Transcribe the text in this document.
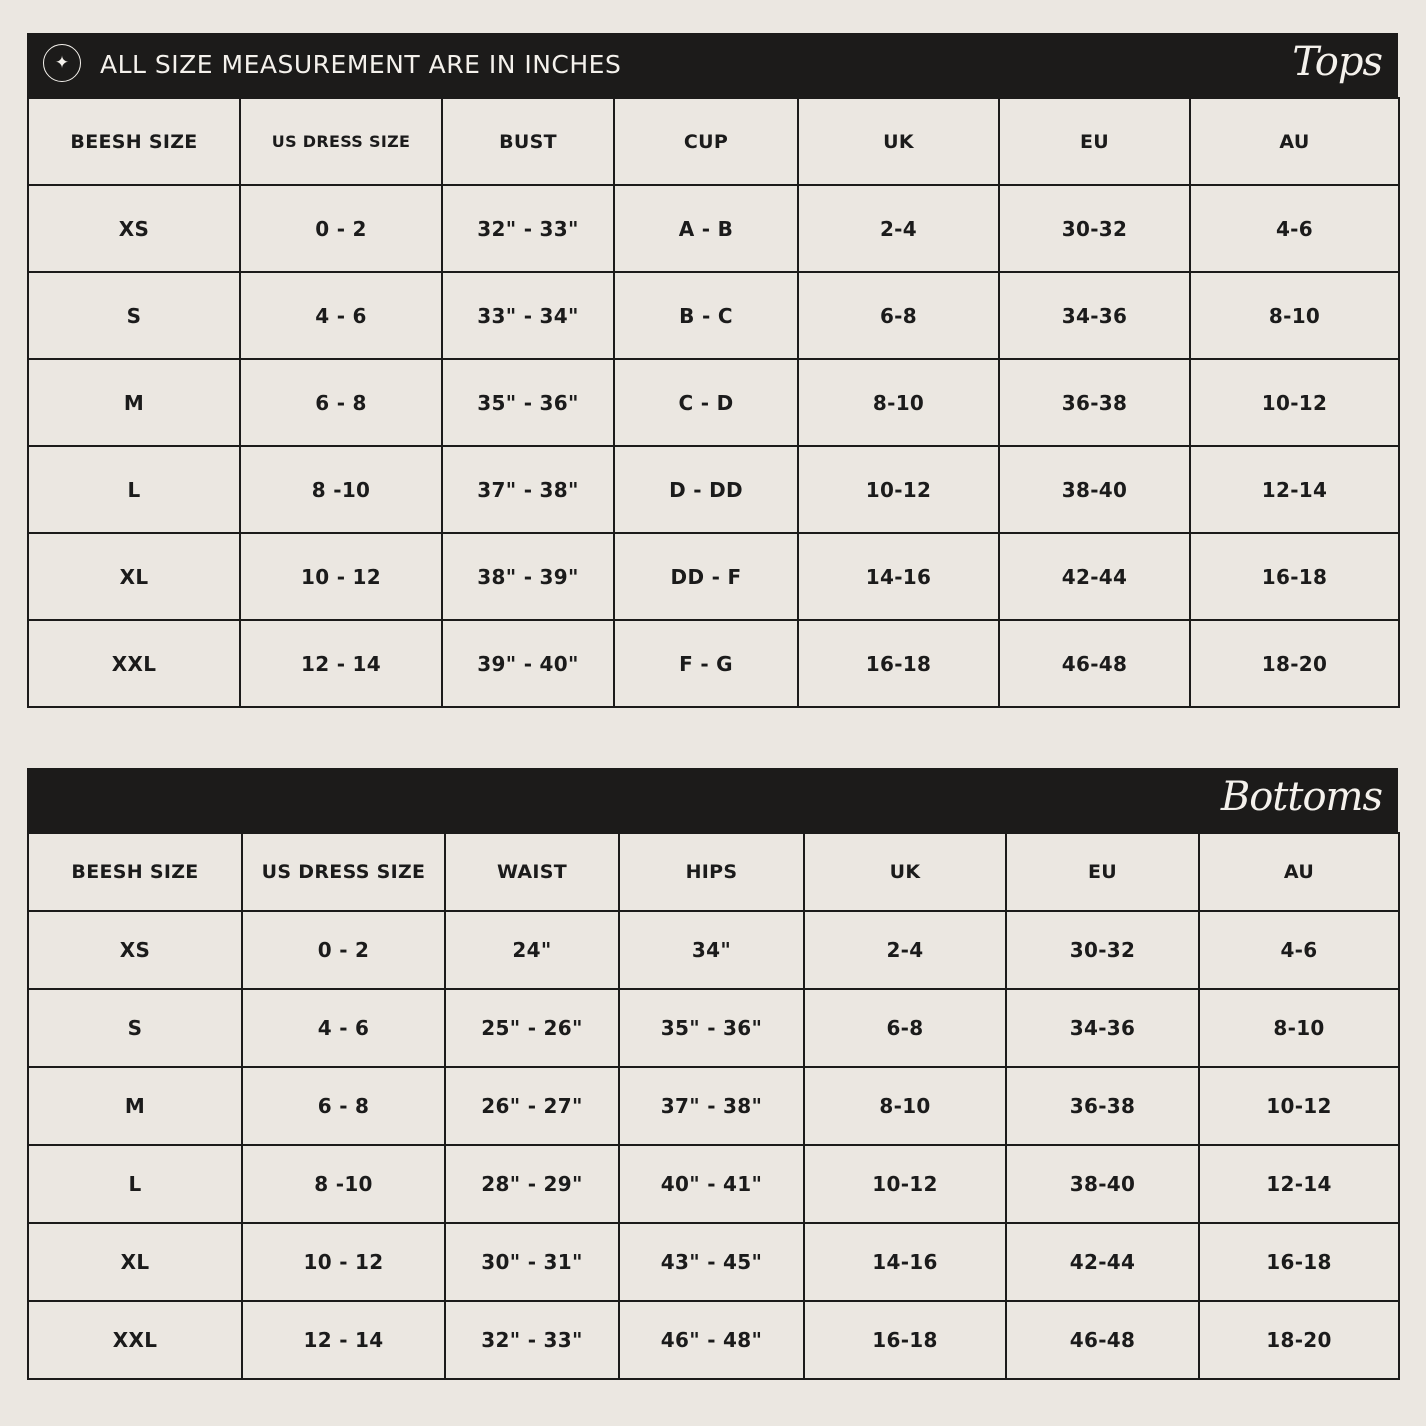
✦	ALL SIZE MEASUREMENT ARE IN INCHES	Tops
BEESH SIZE	US DRESS SIZE	BUST	CUP	UK	EU	AU
XS	0 - 2	32" - 33"	A - B	2-4	30-32	4-6
S	4 - 6	33" - 34"	B - C	6-8	34-36	8-10
M	6 - 8	35" - 36"	C - D	8-10	36-38	10-12
L	8 -10	37" - 38"	D - DD	10-12	38-40	12-14
XL	10 - 12	38" - 39"	DD - F	14-16	42-44	16-18
XXL	12 - 14	39" - 40"	F - G	16-18	46-48	18-20
Bottoms
BEESH SIZE	US DRESS SIZE	WAIST	HIPS	UK	EU	AU
XS	0 - 2	24"	34"	2-4	30-32	4-6
S	4 - 6	25" - 26"	35" - 36"	6-8	34-36	8-10
M	6 - 8	26" - 27"	37" - 38"	8-10	36-38	10-12
L	8 -10	28" - 29"	40" - 41"	10-12	38-40	12-14
XL	10 - 12	30" - 31"	43" - 45"	14-16	42-44	16-18
XXL	12 - 14	32" - 33"	46" - 48"	16-18	46-48	18-20
